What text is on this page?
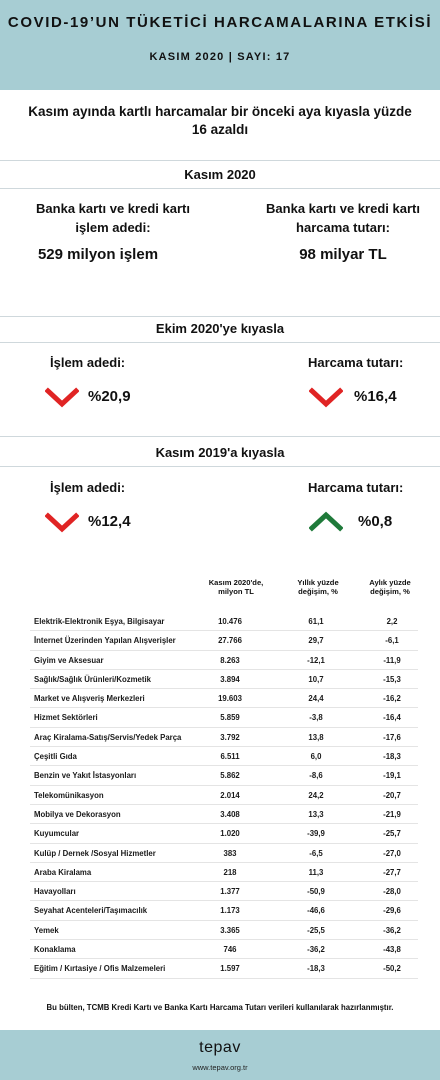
COVID-19’UN TÜKETİCİ HARCAMALARINA ETKİSİ
KASIM 2020 | SAYI: 17
Kasım ayında kartlı harcamalar bir önceki aya kıyasla yüzde 16 azaldı
Kasım 2020
Banka kartı ve kredi kartı işlem adedi:
529 milyon işlem
Banka kartı ve kredi kartı harcama tutarı:
98 milyar TL
Ekim 2020'ye kıyasla
İşlem adedi:
%20,9
Harcama tutarı:
%16,4
Kasım 2019'a kıyasla
İşlem adedi:
%12,4
Harcama tutarı:
%0,8
Kasım 2020'de, milyon TL
Yıllık yüzde değişim, %
Aylık yüzde değişim, %
Elektrik-Elektronik Eşya, Bilgisayar	10.476	61,1	2,2
İnternet Üzerinden Yapılan Alışverişler	27.766	29,7	-6,1
Giyim ve Aksesuar	8.263	-12,1	-11,9
Sağlık/Sağlık Ürünleri/Kozmetik	3.894	10,7	-15,3
Market ve Alışveriş Merkezleri	19.603	24,4	-16,2
Hizmet Sektörleri	5.859	-3,8	-16,4
Araç Kiralama-Satış/Servis/Yedek Parça	3.792	13,8	-17,6
Çeşitli Gıda	6.511	6,0	-18,3
Benzin ve Yakıt İstasyonları	5.862	-8,6	-19,1
Telekomünikasyon	2.014	24,2	-20,7
Mobilya ve Dekorasyon	3.408	13,3	-21,9
Kuyumcular	1.020	-39,9	-25,7
Kulüp / Dernek /Sosyal Hizmetler	383	-6,5	-27,0
Araba Kiralama	218	11,3	-27,7
Havayolları	1.377	-50,9	-28,0
Seyahat Acenteleri/Taşımacılık	1.173	-46,6	-29,6
Yemek	3.365	-25,5	-36,2
Konaklama	746	-36,2	-43,8
Eğitim / Kırtasiye / Ofis Malzemeleri	1.597	-18,3	-50,2
Bu bülten, TCMB Kredi Kartı ve Banka Kartı Harcama Tutarı verileri kullanılarak hazırlanmıştır.
tepav
www.tepav.org.tr
